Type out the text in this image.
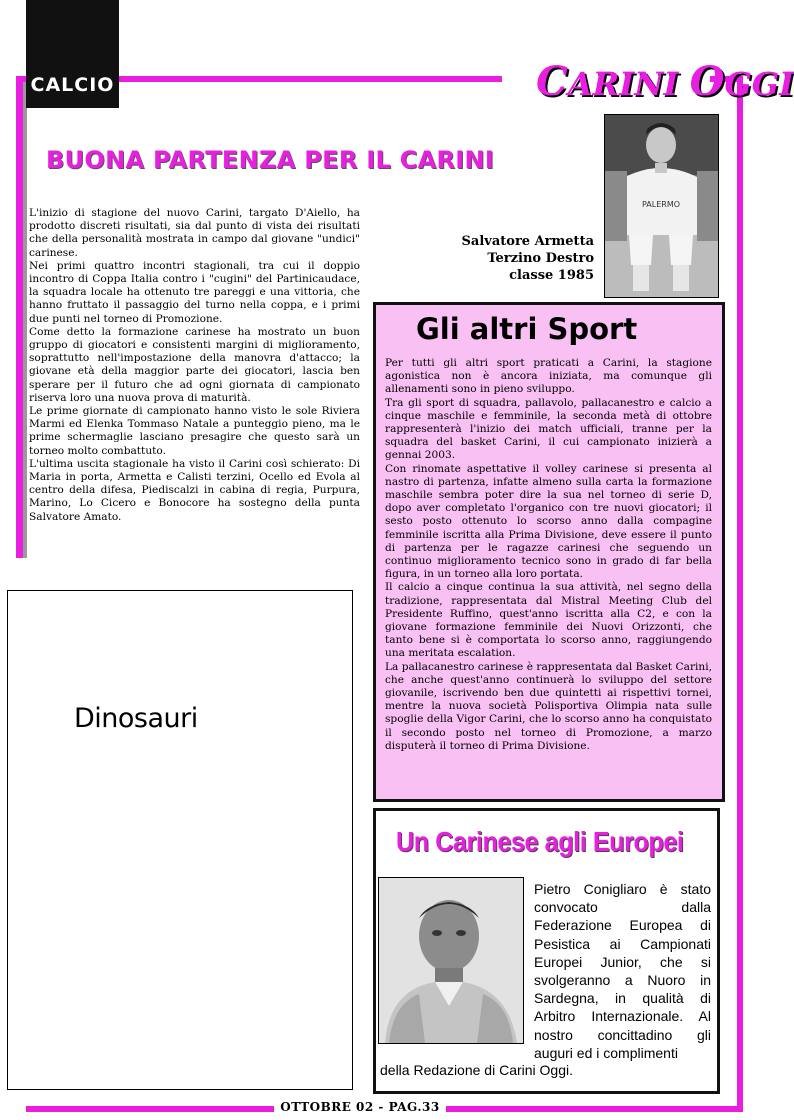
CALCIO	CARINI OGGI
BUONA PARTENZA PER IL CARINI

L'inizio di stagione del nuovo Carini, targato D'Aiello, ha prodotto discreti risultati, sia dal punto di vista dei risultati che della personalità mostrata in campo dal giovane "undici" carinese.

Nei primi quattro incontri stagionali, tra cui il doppio incontro di Coppa Italia contro i "cugini" del Partinicaudace, la squadra locale ha ottenuto tre pareggi e una vittoria, che hanno fruttato il passaggio del turno nella coppa, e i primi due punti nel torneo di Promozione.

Come detto la formazione carinese ha mostrato un buon gruppo di giocatori e consistenti margini di miglioramento, soprattutto nell'impostazione della manovra d'attacco; la giovane età della maggior parte dei giocatori, lascia ben sperare per il futuro che ad ogni giornata di campionato riserva loro una nuova prova di maturità.

Le prime giornate di campionato hanno visto le sole Riviera Marmi ed Elenka Tommaso Natale a punteggio pieno, ma le prime schermaglie lasciano presagire che questo sarà un torneo molto combattuto.

L'ultima uscita stagionale ha visto il Carini così schierato: Di Maria in porta, Armetta e Calisti terzini, Ocello ed Evola al centro della difesa, Piediscalzi in cabina di regia, Purpura, Marino, Lo Cicero e Bonocore ha sostegno della punta Salvatore Amato.

PALERMO
Salvatore Armetta
Terzino Destro
classe 1985
Gli altri Sport

Per tutti gli altri sport praticati a Carini, la stagione agonistica non è ancora iniziata, ma comunque gli allenamenti sono in pieno sviluppo.

Tra gli sport di squadra, pallavolo, pallacanestro e calcio a cinque maschile e femminile, la seconda metà di ottobre rappresenterà l'inizio dei match ufficiali, tranne per la squadra del basket Carini, il cui campionato inizierà a gennai 2003.

Con rinomate aspettative il volley carinese si presenta al nastro di partenza, infatte almeno sulla carta la formazione maschile sembra poter dire la sua nel torneo di serie D, dopo aver completato l'organico con tre nuovi giocatori; il sesto posto ottenuto lo scorso anno dalla compagine femminile iscritta alla Prima Divisione, deve essere il punto di partenza per le ragazze carinesi che seguendo un continuo miglioramento tecnico sono in grado di far bella figura, in un torneo alla loro portata.

Il calcio a cinque continua la sua attività, nel segno della tradizione, rappresentata dal Mistral Meeting Club del Presidente Ruffino, quest'anno iscritta alla C2, e con la giovane formazione femminile dei Nuovi Orizzonti, che tanto bene si è comportata lo scorso anno, raggiungendo una meritata escalation.

La pallacanestro carinese è rappresentata dal Basket Carini, che anche quest'anno continuerà lo sviluppo del settore giovanile, iscrivendo ben due quintetti ai rispettivi tornei, mentre la nuova società Polisportiva Olimpia nata sulle spoglie della Vigor Carini, che lo scorso anno ha conquistato il secondo posto nel torneo di Promozione, a marzo disputerà il torneo di Prima Divisione.

Dinosauri
Un Carinese agli Europei
Pietro Conigliaro è stato convocato dalla Federazione Europea di Pesistica ai Campionati Europei Junior, che si svolgeranno a Nuoro in Sardegna, in qualità di Arbitro Internazionale. Al nostro concittadino gli auguri ed i complimenti
della Redazione di Carini Oggi.
OTTOBRE 02 - PAG.33
